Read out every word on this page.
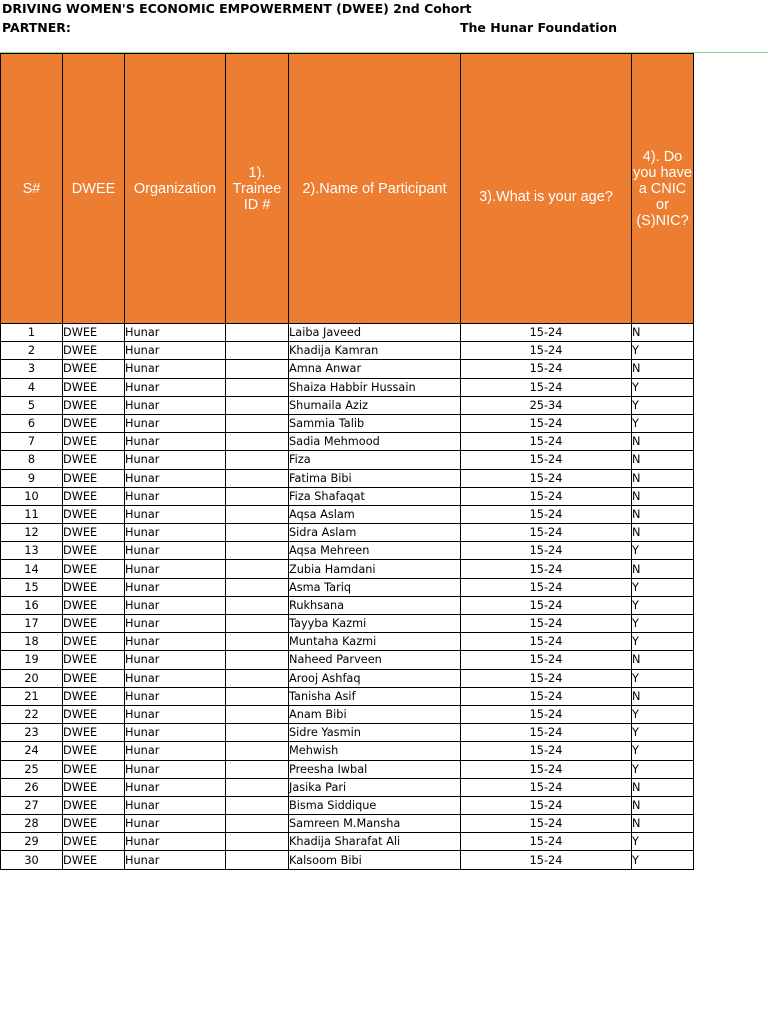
DRIVING WOMEN'S ECONOMIC EMPOWERMENT (DWEE) 2nd Cohort
PARTNER:	The Hunar Foundation
S#	DWEE	Organization	1). Trainee ID #	2).Name of Participant	3).What is your age?	4). Do you have a CNIC or (S)NIC?
1	DWEE	Hunar		Laiba Javeed	15-24	N
2	DWEE	Hunar		Khadija Kamran	15-24	Y
3	DWEE	Hunar		Amna Anwar	15-24	N
4	DWEE	Hunar		Shaiza Habbir Hussain	15-24	Y
5	DWEE	Hunar		Shumaila Aziz	25-34	Y
6	DWEE	Hunar		Sammia Talib	15-24	Y
7	DWEE	Hunar		Sadia Mehmood	15-24	N
8	DWEE	Hunar		Fiza	15-24	N
9	DWEE	Hunar		Fatima Bibi	15-24	N
10	DWEE	Hunar		Fiza Shafaqat	15-24	N
11	DWEE	Hunar		Aqsa Aslam	15-24	N
12	DWEE	Hunar		Sidra Aslam	15-24	N
13	DWEE	Hunar		Aqsa Mehreen	15-24	Y
14	DWEE	Hunar		Zubia Hamdani	15-24	N
15	DWEE	Hunar		Asma Tariq	15-24	Y
16	DWEE	Hunar		Rukhsana	15-24	Y
17	DWEE	Hunar		Tayyba Kazmi	15-24	Y
18	DWEE	Hunar		Muntaha Kazmi	15-24	Y
19	DWEE	Hunar		Naheed Parveen	15-24	N
20	DWEE	Hunar		Arooj Ashfaq	15-24	Y
21	DWEE	Hunar		Tanisha Asif	15-24	N
22	DWEE	Hunar		Anam Bibi	15-24	Y
23	DWEE	Hunar		Sidre Yasmin	15-24	Y
24	DWEE	Hunar		Mehwish	15-24	Y
25	DWEE	Hunar		Preesha Iwbal	15-24	Y
26	DWEE	Hunar		Jasika Pari	15-24	N
27	DWEE	Hunar		Bisma Siddique	15-24	N
28	DWEE	Hunar		Samreen M.Mansha	15-24	N
29	DWEE	Hunar		Khadija Sharafat Ali	15-24	Y
30	DWEE	Hunar		Kalsoom Bibi	15-24	Y
